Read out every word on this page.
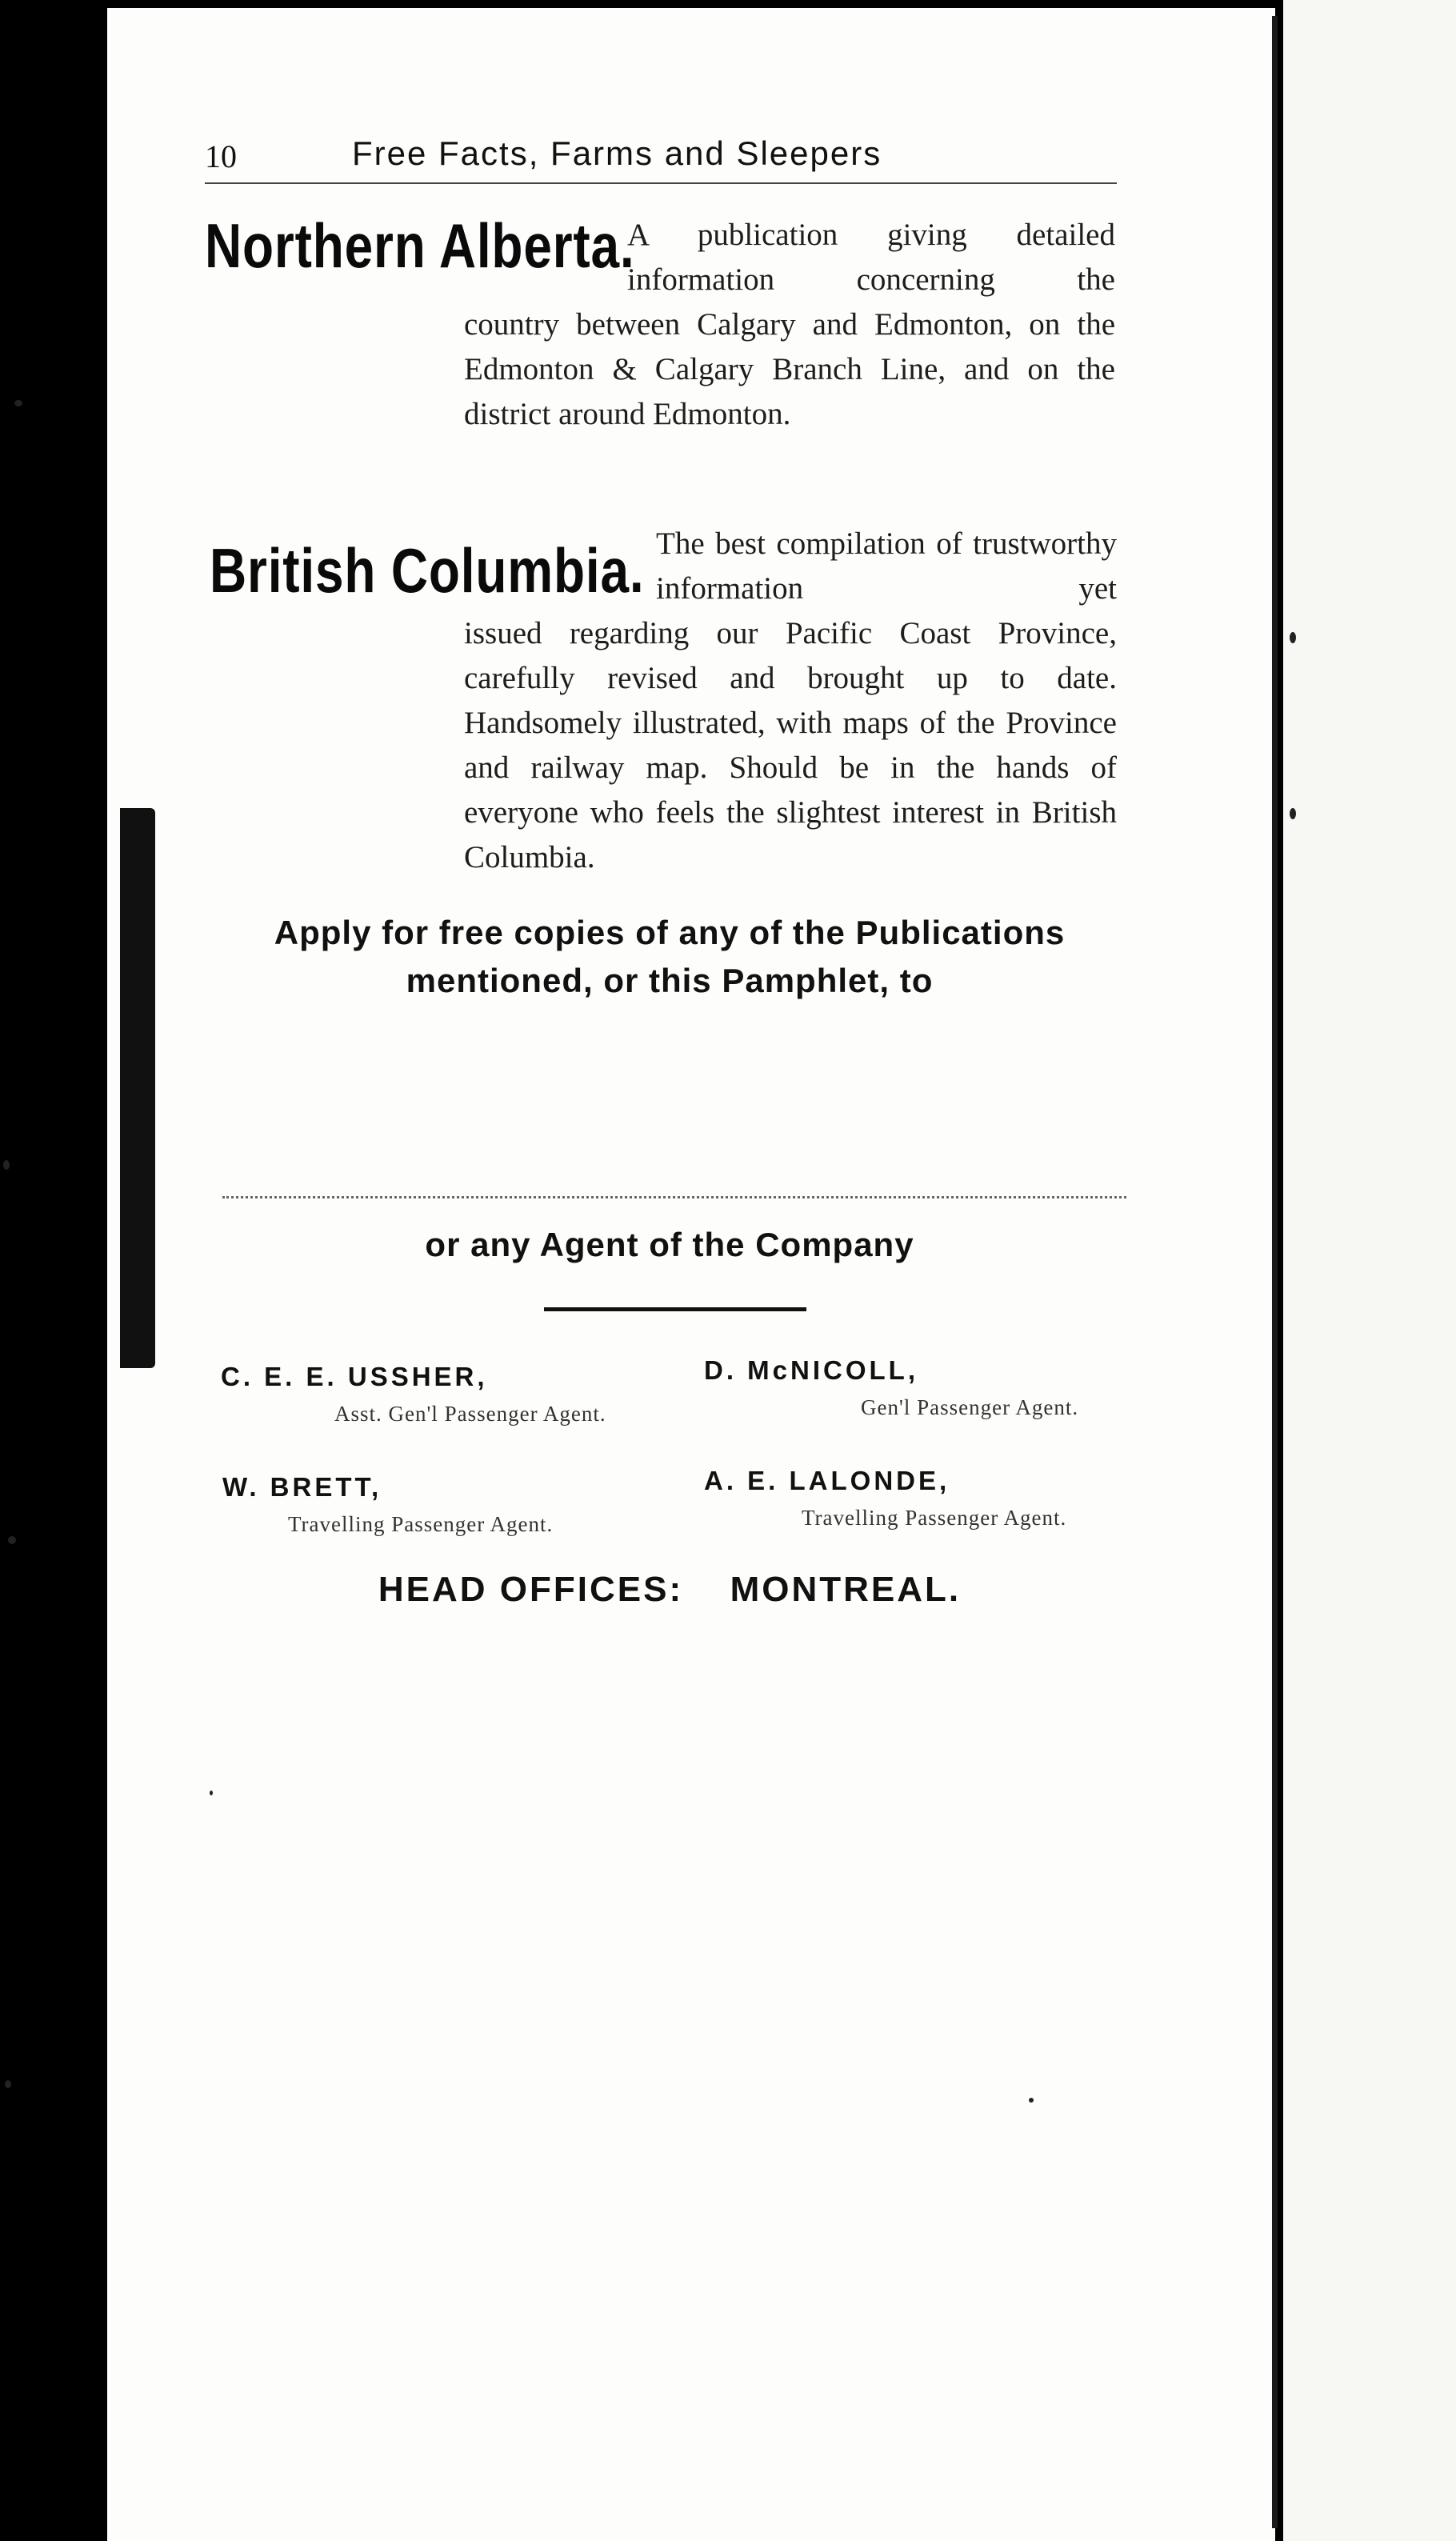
10	Free Facts, Farms and Sleepers
Northern Alberta.

A publication giving detailed information concerning the

country between Calgary and Edmonton, on the Edmonton & Calgary Branch Line, and on the district around Edmonton.

British Columbia. The best compilation of trustworthy information yet

issued regarding our Pacific Coast Province, carefully revised and brought up to date. Handsomely illustrated, with maps of the Province and railway map. Should be in the hands of everyone who feels the slightest interest in British Columbia.

Apply for free copies of any of the Publications
mentioned, or this Pamphlet, to
or any Agent of the Company
C. E. E. USSHER,
Asst. Gen'l Passenger Agent.
D. McNICOLL,
Gen'l Passenger Agent.
W. BRETT,
Travelling Passenger Agent.
A. E. LALONDE,
Travelling Passenger Agent.
HEAD OFFICES: MONTREAL.
